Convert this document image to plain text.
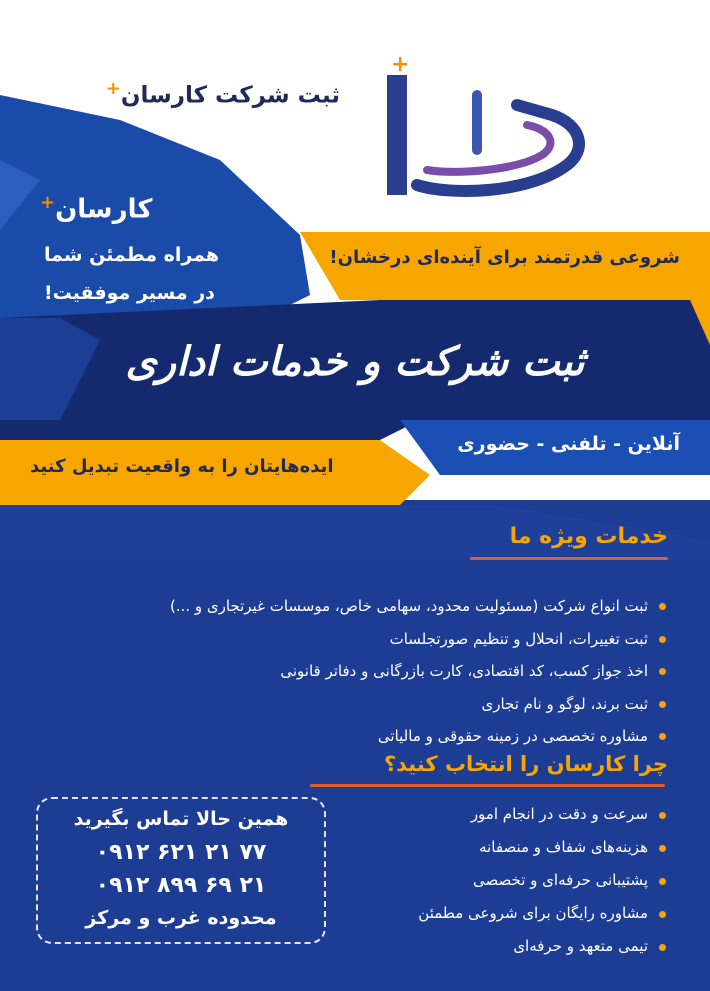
+
ثبت شرکت کارسان+
کارسان+
همراه مطمئن شما
در مسیر موفقیت!
شروعی قدرتمند برای آینده‌ای درخشان!
ثبت شرکت و خدمات اداری
آنلاین - تلفنی - حضوری
ایده‌هایتان را به واقعیت تبدیل کنید
خدمات ویژه ما
ثبت انواع شرکت (مسئولیت محدود، سهامی خاص، موسسات غیرتجاری و ...)
ثبت تغییرات، انحلال و تنظیم صورتجلسات
اخذ جواز کسب، کد اقتصادی، کارت بازرگانی و دفاتر قانونی
ثبت برند، لوگو و نام تجاری
مشاوره تخصصی در زمینه حقوقی و مالیاتی
چرا کارسان را انتخاب کنید؟
سرعت و دقت در انجام امور
هزینه‌های شفاف و منصفانه
پشتیبانی حرفه‌ای و تخصصی
مشاوره رایگان برای شروعی مطمئن
تیمی متعهد و حرفه‌ای
همین حالا تماس بگیرید
۰۹۱۲ ۶۲۱ ۲۱ ۷۷
۰۹۱۲ ۸۹۹ ۶۹ ۲۱
محدوده غرب و مرکز
